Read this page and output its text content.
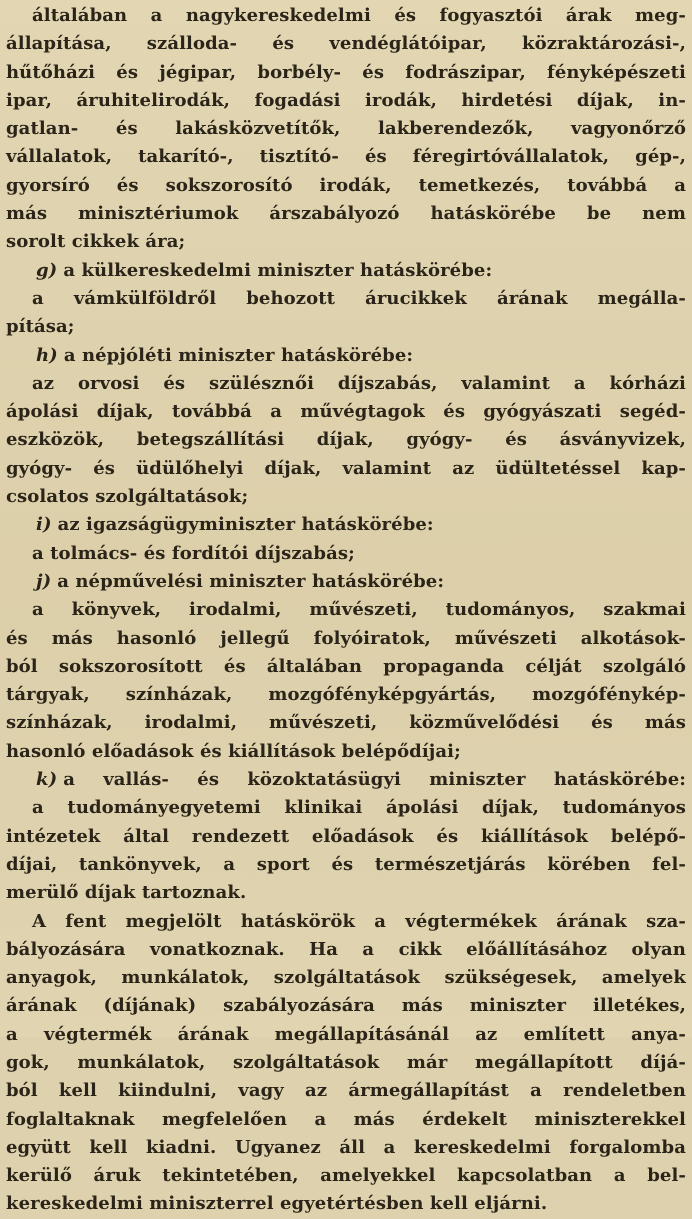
általában a nagykereskedelmi és fogyasztói árak meg-
állapítása, szálloda- és vendéglátóipar, közraktározási-,
hűtőházi és jégipar, borbély- és fodrászipar, fényképészeti
ipar, áruhitelirodák, fogadási irodák, hirdetési díjak, in-
gatlan- és lakásközvetítők, lakberendezők, vagyonőrző
vállalatok, takarító-, tisztító- és féregirtóvállalatok, gép-,
gyorsíró és sokszorosító irodák, temetkezés, továbbá a
más minisztériumok árszabályozó hatáskörébe be nem
sorolt cikkek ára;
g) a külkereskedelmi miniszter hatáskörébe:
a vámkülföldről behozott árucikkek árának megálla-
pítása;
h) a népjóléti miniszter hatáskörébe:
az orvosi és szülésznői díjszabás, valamint a kórházi
ápolási díjak, továbbá a művégtagok és gyógyászati segéd-
eszközök, betegszállítási díjak, gyógy- és ásványvizek,
gyógy- és üdülőhelyi díjak, valamint az üdültetéssel kap-
csolatos szolgáltatások;
i) az igazságügyminiszter hatáskörébe:
a tolmács- és fordítói díjszabás;
j) a népművelési miniszter hatáskörébe:
a könyvek, irodalmi, művészeti, tudományos, szakmai
és más hasonló jellegű folyóiratok, művészeti alkotások-
ból sokszorosított és általában propaganda célját szolgáló
tárgyak, színházak, mozgófényképgyártás, mozgófénykép-
színházak, irodalmi, művészeti, közművelődési és más
hasonló előadások és kiállítások belépődíjai;
k) a vallás- és közoktatásügyi miniszter hatáskörébe:
a tudományegyetemi klinikai ápolási díjak, tudományos
intézetek által rendezett előadások és kiállítások belépő-
díjai, tankönyvek, a sport és természetjárás körében fel-
merülő díjak tartoznak.
A fent megjelölt hatáskörök a végtermékek árának sza-
bályozására vonatkoznak. Ha a cikk előállításához olyan
anyagok, munkálatok, szolgáltatások szükségesek, amelyek
árának (díjának) szabályozására más miniszter illetékes,
a végtermék árának megállapításánál az említett anya-
gok, munkálatok, szolgáltatások már megállapított díjá-
ból kell kiindulni, vagy az ármegállapítást a rendeletben
foglaltaknak megfelelően a más érdekelt miniszterekkel
együtt kell kiadni. Ugyanez áll a kereskedelmi forgalomba
kerülő áruk tekintetében, amelyekkel kapcsolatban a bel-
kereskedelmi miniszterrel egyetértésben kell eljárni.
